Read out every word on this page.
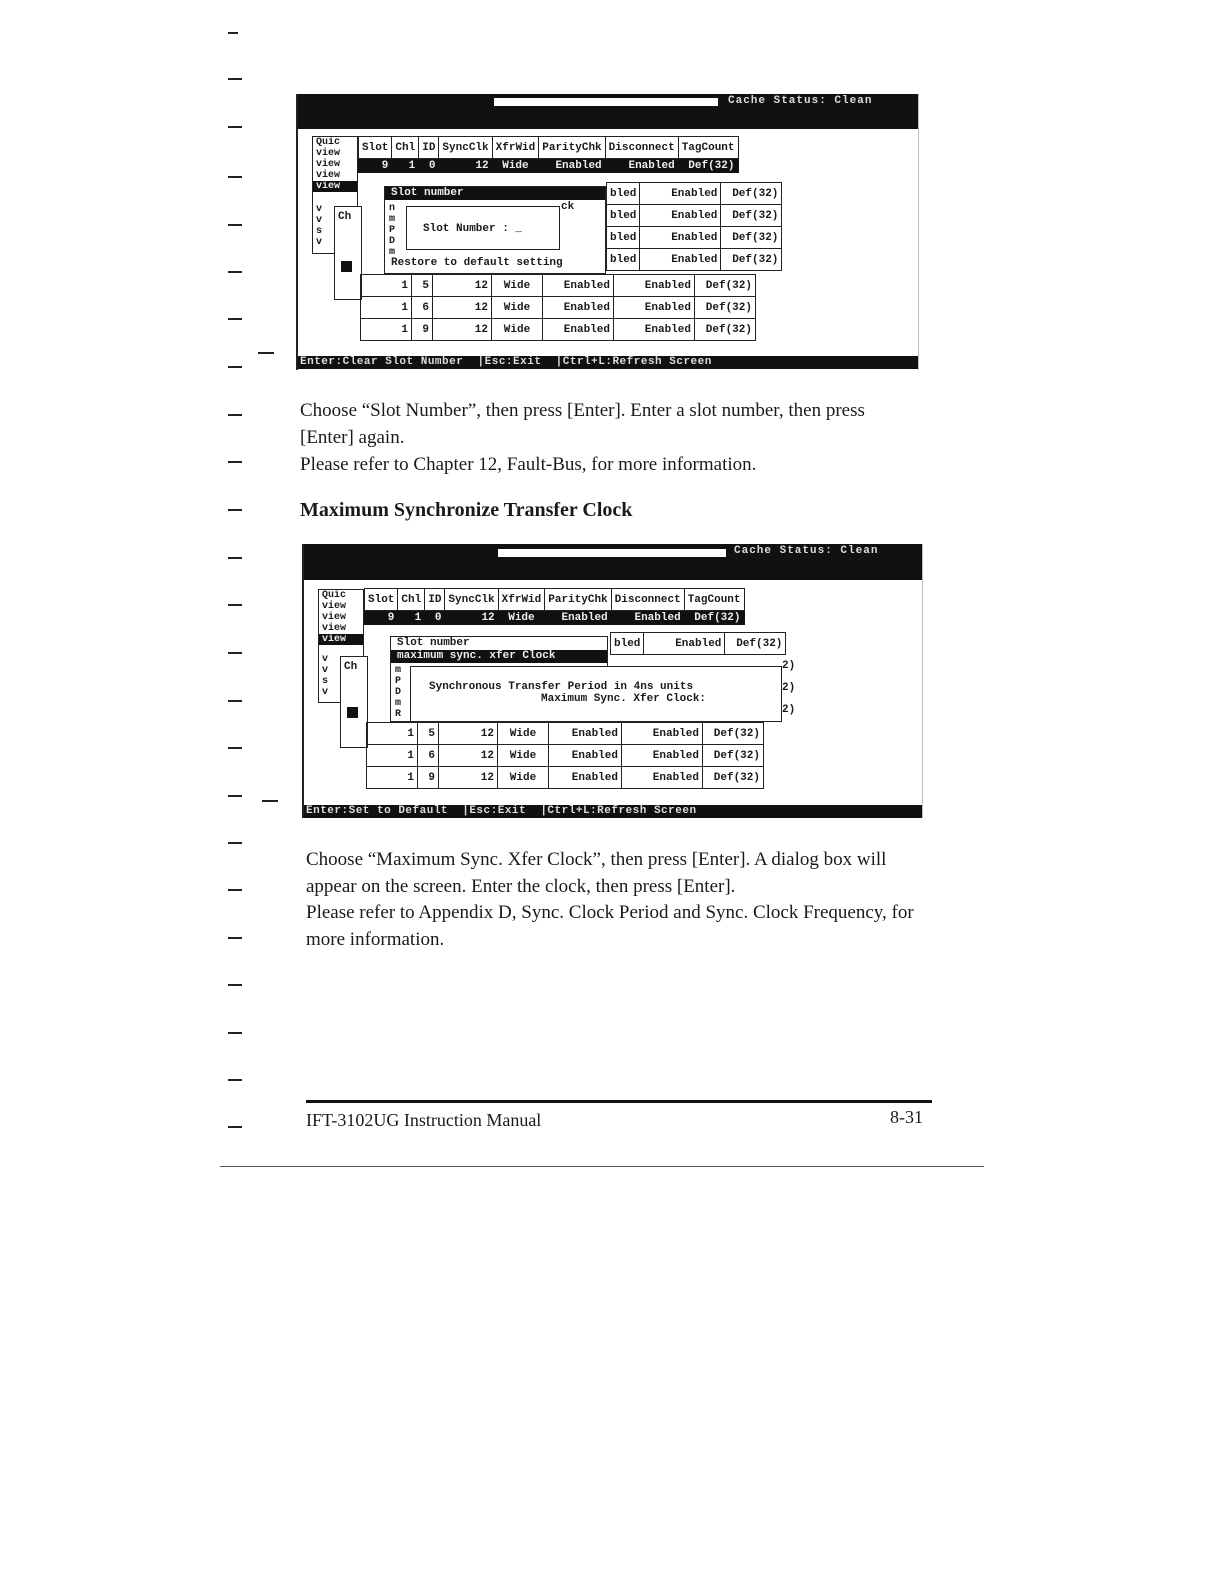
Cache Status: Clean
Quic
view
view
view
view
v
v
s
v
Ch
Slot	Chl	ID	SyncClk	XfrWid	ParityChk	Disconnect	TagCount
9	1	0	12	Wide	Enabled	Enabled	Def(32)
bled	Enabled	Def(32)
bled	Enabled	Def(32)
bled	Enabled	Def(32)
bled	Enabled	Def(32)
1	5	12	Wide	Enabled	Enabled	Def(32)
1	6	12	Wide	Enabled	Enabled	Def(32)
1	9	12	Wide	Enabled	Enabled	Def(32)
Slot number
n
m
P
D
m
ck
Restore to default setting
Slot Number : _
Enter:Clear Slot Number  |Esc:Exit  |Ctrl+L:Refresh Screen
Choose “Slot Number”, then press [Enter]. Enter a slot number, then press [Enter] again.
Please refer to Chapter 12, Fault-Bus, for more information.
Maximum Synchronize Transfer Clock
Cache Status: Clean
Quic
view
view
view
view
v
v
s
v
Ch
Slot	Chl	ID	SyncClk	XfrWid	ParityChk	Disconnect	TagCount
9	1	0	12	Wide	Enabled	Enabled	Def(32)
bled	Enabled	Def(32)
1	5	12	Wide	Enabled	Enabled	Def(32)
1	6	12	Wide	Enabled	Enabled	Def(32)
1	9	12	Wide	Enabled	Enabled	Def(32)
Slot number
maximum sync. xfer Clock
m
P
D
m
R
Synchronous Transfer Period in 4ns units
Maximum Sync. Xfer Clock:
2)
2)
2)
Enter:Set to Default  |Esc:Exit  |Ctrl+L:Refresh Screen
Choose “Maximum Sync. Xfer Clock”, then press [Enter]. A dialog box will appear on the screen. Enter the clock, then press [Enter].
Please refer to Appendix D, Sync. Clock Period and Sync. Clock Frequency, for more information.
IFT-3102UG Instruction Manual	8-31
